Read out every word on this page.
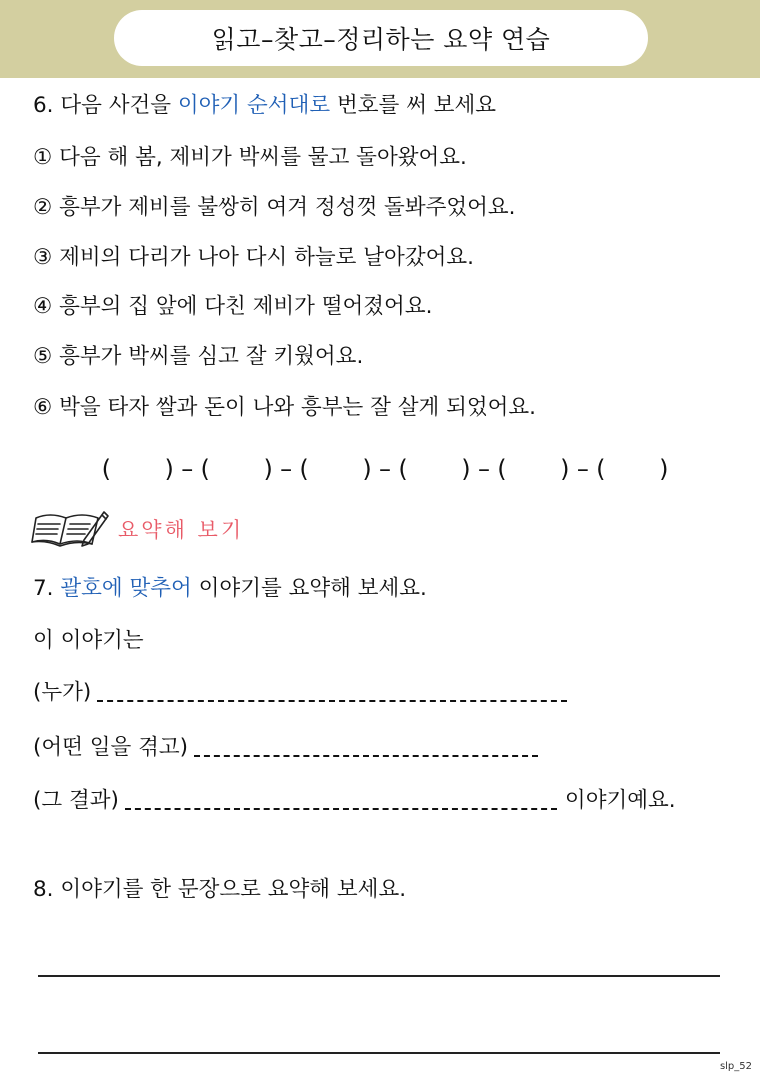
읽고–찾고–정리하는 요약 연습
6. 다음 사건을 이야기 순서대로 번호를 써 보세요
① 다음 해 봄, 제비가 박씨를 물고 돌아왔어요.
② 흥부가 제비를 불쌍히 여겨 정성껏 돌봐주었어요.
③ 제비의 다리가 나아 다시 하늘로 날아갔어요.
④ 흥부의 집 앞에 다친 제비가 떨어졌어요.
⑤ 흥부가 박씨를 심고 잘 키웠어요.
⑥ 박을 타자 쌀과 돈이 나와 흥부는 잘 살게 되었어요.
( ) – ( ) – ( ) – ( ) – ( ) – ( )
요약해 보기
7. 괄호에 맞추어 이야기를 요약해 보세요.
이 이야기는
(누가)
(어떤 일을 겪고)
(그 결과)	이야기예요.
8. 이야기를 한 문장으로 요약해 보세요.
slp_52
